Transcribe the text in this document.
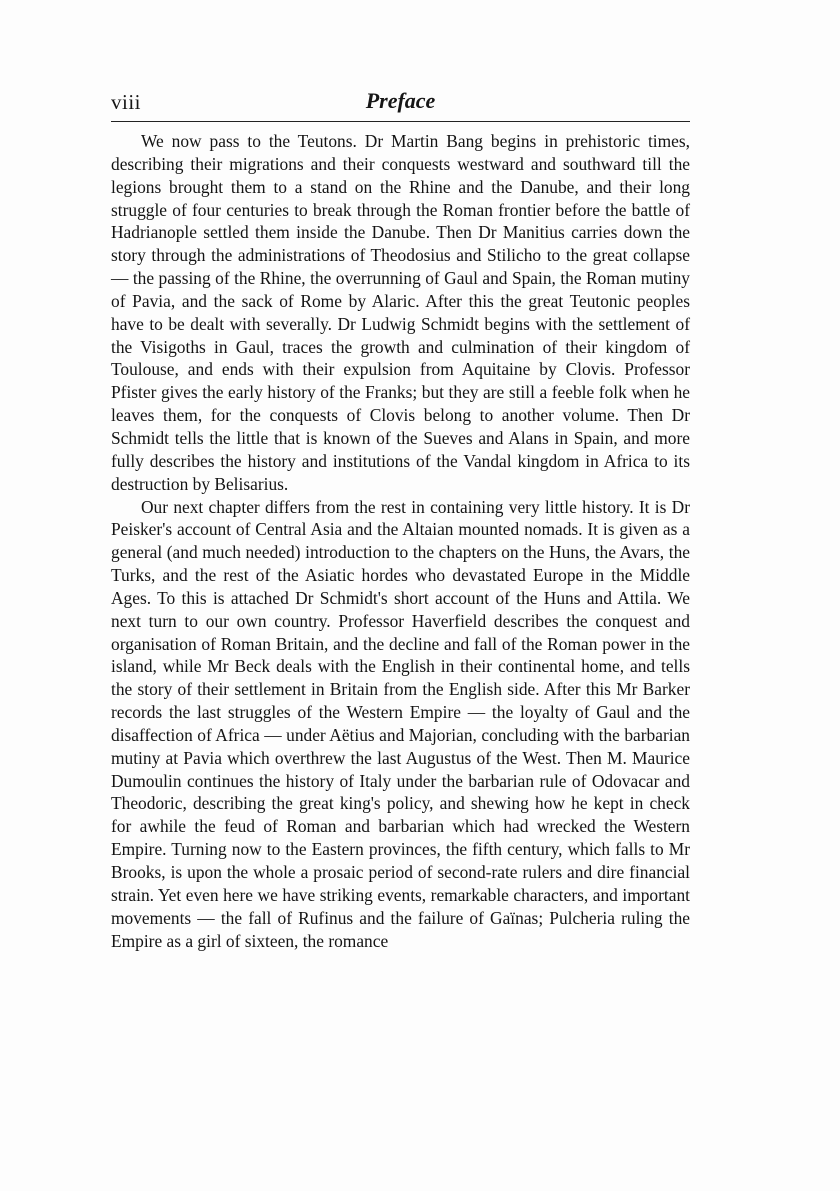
viii	Preface

We now pass to the Teutons. Dr Martin Bang begins in prehistoric times, describing their migrations and their conquests westward and southward till the legions brought them to a stand on the Rhine and the Danube, and their long struggle of four centuries to break through the Roman frontier before the battle of Hadrianople settled them inside the Danube. Then Dr Manitius carries down the story through the administrations of Theodosius and Stilicho to the great collapse — the passing of the Rhine, the overrunning of Gaul and Spain, the Roman mutiny of Pavia, and the sack of Rome by Alaric. After this the great Teutonic peoples have to be dealt with severally. Dr Ludwig Schmidt begins with the settlement of the Visigoths in Gaul, traces the growth and culmination of their kingdom of Toulouse, and ends with their expulsion from Aquitaine by Clovis. Professor Pfister gives the early history of the Franks; but they are still a feeble folk when he leaves them, for the conquests of Clovis belong to another volume. Then Dr Schmidt tells the little that is known of the Sueves and Alans in Spain, and more fully describes the history and institutions of the Vandal kingdom in Africa to its destruction by Belisarius.

Our next chapter differs from the rest in containing very little history. It is Dr Peisker's account of Central Asia and the Altaian mounted nomads. It is given as a general (and much needed) introduction to the chapters on the Huns, the Avars, the Turks, and the rest of the Asiatic hordes who devastated Europe in the Middle Ages. To this is attached Dr Schmidt's short account of the Huns and Attila. We next turn to our own country. Professor Haverfield describes the conquest and organisation of Roman Britain, and the decline and fall of the Roman power in the island, while Mr Beck deals with the English in their continental home, and tells the story of their settlement in Britain from the English side. After this Mr Barker records the last struggles of the Western Empire — the loyalty of Gaul and the disaffection of Africa — under Aëtius and Majorian, concluding with the barbarian mutiny at Pavia which overthrew the last Augustus of the West. Then M. Maurice Dumoulin continues the history of Italy under the barbarian rule of Odovacar and Theodoric, describing the great king's policy, and shewing how he kept in check for awhile the feud of Roman and barbarian which had wrecked the Western Empire. Turning now to the Eastern provinces, the fifth century, which falls to Mr Brooks, is upon the whole a prosaic period of second-rate rulers and dire financial strain. Yet even here we have striking events, remarkable characters, and important movements — the fall of Rufinus and the failure of Gaïnas; Pulcheria ruling the Empire as a girl of sixteen, the romance
